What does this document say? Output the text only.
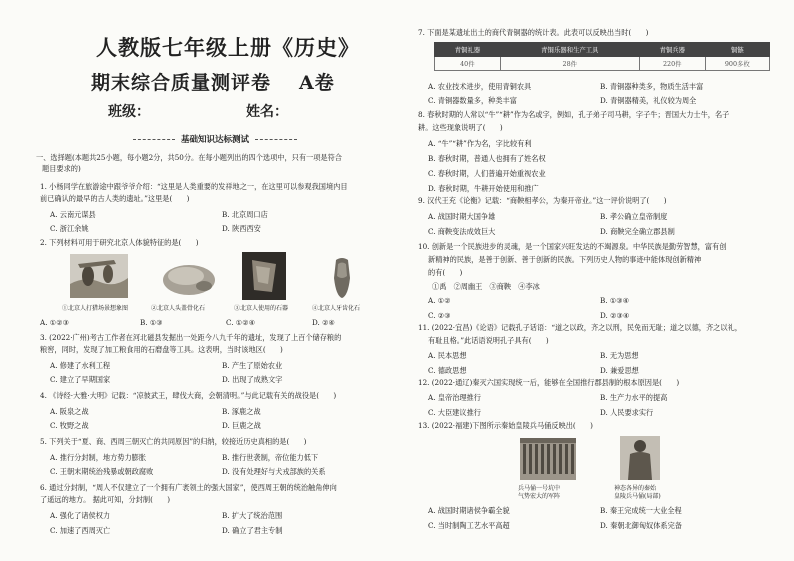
人教版七年级上册《历史》
期末综合质量测评卷 A卷
班级：	姓名：
基础知识达标测试
一、选择题(本题共25小题，每小题2分，共50分。在每小题列出的四个选项中，只有一项是符合
题目要求的)
1. 小杨同学在旅游途中跟爷爷介绍：“这里是人类重要的发祥地之一，在这里可以参观我国境内目
前已确认的最早的古人类的遗址。”这里是(　　)
A. 云南元谋县	B. 北京周口店
C. 浙江余姚	D. 陕西西安
2. 下列材料可用于研究北京人体貌特征的是(　　)
①北京人打猎场景想象图	②北京人头盖骨化石	③北京人使用的石器	④北京人牙齿化石
A. ①②③	B. ①③	C. ①②④	D. ②④
3. (2022·广州)考古工作者在河北磁县发掘出一处距今八九千年的遗址，发现了上百个储存粮的
粮窖，同时，发现了加工粮食用的石磨盘等工具。这表明，当时该地区(　　)
A. 修建了水利工程	B. 产生了原始农业
C. 建立了早期国家	D. 出现了成熟文字
4. 《诗经·大雅·大明》记载：“凉彼武王，肆伐大商，会朝清明。”与此记载有关的战役是(　　)
A. 阪泉之战	B. 涿鹿之战
C. 牧野之战	D. 巨鹿之战
5. 下列关于“夏、商、西周三朝灭亡的共同原因”的归纳，较接近历史真相的是(　　)
A. 推行分封制，地方势力膨胀	B. 推行世袭制，帝位能力低下
C. 王朝末期统治残暴或朝政腐败	D. 没有处理好与犬戎部族的关系
6. 通过分封制，“周人不仅建立了一个拥有广袤领土的强大国家”，使西周王朝的统治触角伸向
了遥远的地方。 据此可知，分封制(　　)
A. 强化了诸侯权力	B. 扩大了统治范围
C. 加速了西周灭亡	D. 确立了君主专制
7. 下面是某遗址出土的商代青铜器的统计表。此表可以反映出当时(　　)
青铜礼器	青铜乐器和生产工具	青铜兵器	铜镞
40件	28件	220件	900多枚
A. 农业技术进步，使用青铜农具	B. 青铜器种类多，物质生活丰富
C. 青铜器数量多，种类丰富	D. 青铜器精美，礼仪较为周全
8. 春秋时期的人常以“牛”“耕”作为名或字，例如，孔子弟子司马耕，字子牛；晋国大力士牛，名子
耕。这些现象说明了(　　)
A. “牛”“耕”作为名，字比较有利
B. 春秋时期，普通人也拥有了姓名权
C. 春秋时期，人们普遍开始重视农业
D. 春秋时期，牛耕开始使用和推广
9. 汉代王充《论衡》记载：“商鞅相孝公，为秦开帝业。”这一评价说明了(　　)
A. 战国时期大国争雄	B. 孝公确立皇帝制度
C. 商鞅变法成效巨大	D. 商鞅完全确立郡县制
10. 创新是一个民族进步的灵魂，是一个国家兴旺发达的不竭源泉。中华民族是勤劳智慧，富有创
新精神的民族，是善于创新、善于创新的民族。下列历史人物的事迹中能体现创新精神
的有(　　)
①禹　②周幽王　③商鞅　④李冰
A. ①②	B. ①③④
C. ②③	D. ②③④
11. (2022·宜昌)《论语》记载孔子话语：“道之以政，齐之以刑，民免而无耻；道之以德，齐之以礼，
有耻且格。”此话语说明孔子具有(　　)
A. 民本思想	B. 无为思想
C. 德政思想	D. 兼爱思想
12. (2022·通辽)秦灭六国实现统一后，能够在全国推行郡县制的根本原因是(　　)
A. 皇帝治理推行	B. 生产力水平的提高
C. 大臣建议推行	D. 人民要求实行
13. (2022·福建)下图所示秦始皇陵兵马俑反映出(　　)
兵马俑一号坑中
气势宏大的军阵
神态各异的秦始
皇陵兵马俑(局部)
A. 战国时期诸侯争霸全貌	B. 秦王完成统一大业全程
C. 当时制陶工艺水平高超	D. 秦朝北御匈奴体系完备
